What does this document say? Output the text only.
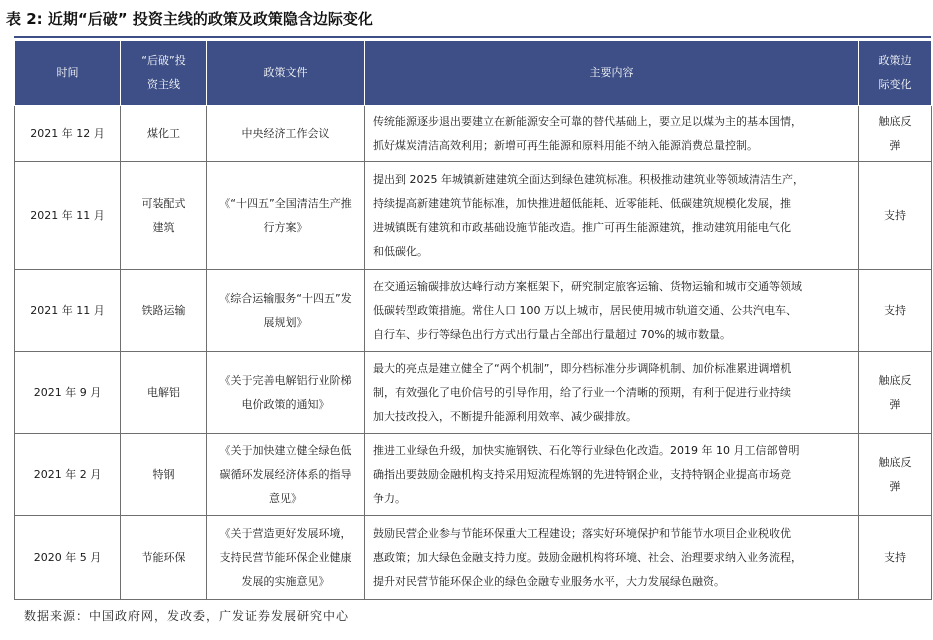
表 2: 近期“后破” 投资主线的政策及政策隐含边际变化
时间	“后破”投
资主线	政策文件	主要内容	政策边
际变化

2021 年 12 月	煤化工	中央经济工作会议	传统能源逐步退出要建立在新能源安全可靠的替代基础上，要立足以煤为主的基本国情，
抓好煤炭清洁高效利用；新增可再生能源和原料用能不纳入能源消费总量控制。	触底反
弹

2021 年 11 月	可装配式
建筑	《“十四五”全国清洁生产推
行方案》	提出到 2025 年城镇新建建筑全面达到绿色建筑标准。积极推动建筑业等领域清洁生产，
持续提高新建建筑节能标准，加快推进超低能耗、近零能耗、低碳建筑规模化发展，推
进城镇既有建筑和市政基础设施节能改造。推广可再生能源建筑，推动建筑用能电气化
和低碳化。	支持

2021 年 11 月	铁路运输	《综合运输服务“十四五”发
展规划》	在交通运输碳排放达峰行动方案框架下，研究制定旅客运输、货物运输和城市交通等领域
低碳转型政策措施。常住人口 100 万以上城市，居民使用城市轨道交通、公共汽电车、
自行车、步行等绿色出行方式出行量占全部出行量超过 70%的城市数量。	支持

2021 年 9 月	电解铝	《关于完善电解铝行业阶梯
电价政策的通知》	最大的亮点是建立健全了“两个机制”，即分档标准分步调降机制、加价标准累进调增机
制，有效强化了电价信号的引导作用，给了行业一个清晰的预期，有利于促进行业持续
加大技改投入，不断提升能源利用效率、减少碳排放。	触底反
弹

2021 年 2 月	特钢	《关于加快建立健全绿色低
碳循环发展经济体系的指导
意见》	推进工业绿色升级，加快实施钢铁、石化等行业绿色化改造。2019 年 10 月工信部曾明
确指出要鼓励金融机构支持采用短流程炼钢的先进特钢企业，支持特钢企业提高市场竞
争力。	触底反
弹

2020 年 5 月	节能环保	《关于营造更好发展环境，
支持民营节能环保企业健康
发展的实施意见》	鼓励民营企业参与节能环保重大工程建设；落实好环境保护和节能节水项目企业税收优
惠政策；加大绿色金融支持力度。鼓励金融机构将环境、社会、治理要求纳入业务流程，
提升对民营节能环保企业的绿色金融专业服务水平，大力发展绿色融资。	支持
数据来源：中国政府网，发改委，广发证券发展研究中心
